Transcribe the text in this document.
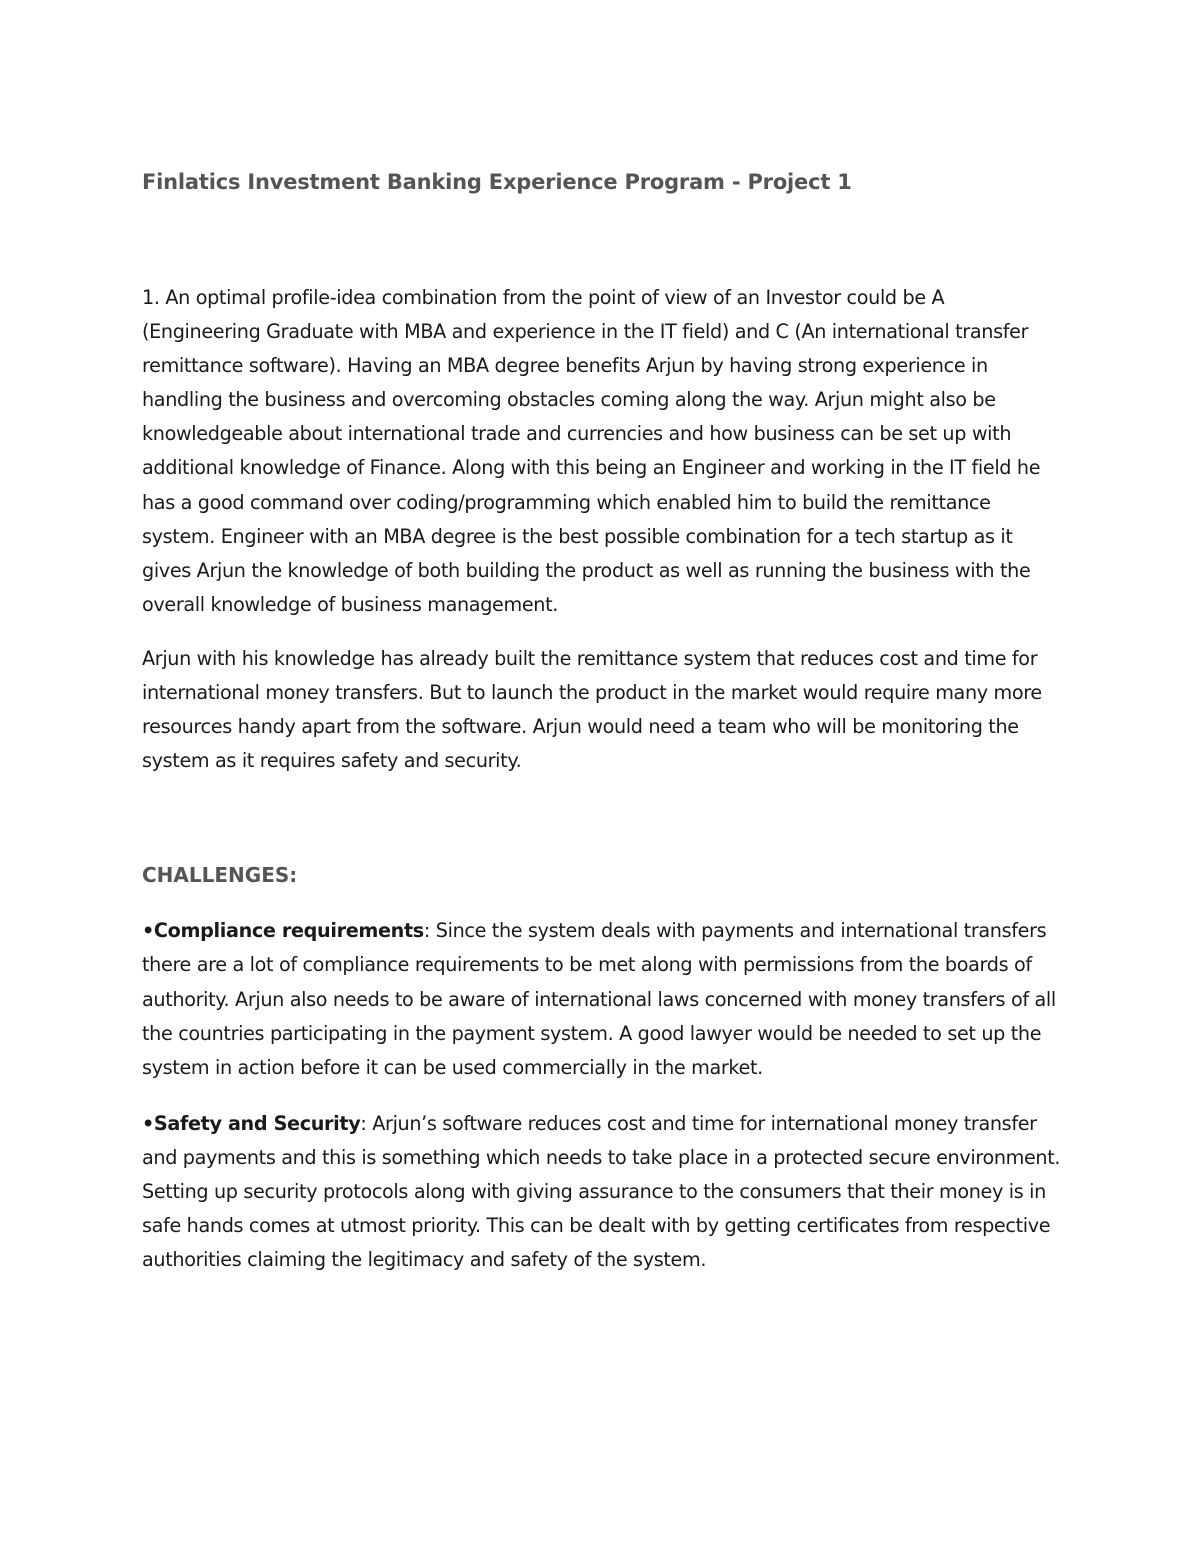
Finlatics Investment Banking Experience Program - Project 1

1. An optimal profile-idea combination from the point of view of an Investor could be A (Engineering Graduate with MBA and experience in the IT field) and C (An international transfer remittance software). Having an MBA degree benefits Arjun by having strong experience in handling the business and overcoming obstacles coming along the way. Arjun might also be knowledgeable about international trade and currencies and how business can be set up with additional knowledge of Finance. Along with this being an Engineer and working in the IT field he has a good command over coding/programming which enabled him to build the remittance system. Engineer with an MBA degree is the best possible combination for a tech startup as it gives Arjun the knowledge of both building the product as well as running the business with the overall knowledge of business management.

Arjun with his knowledge has already built the remittance system that reduces cost and time for international money transfers. But to launch the product in the market would require many more resources handy apart from the software. Arjun would need a team who will be monitoring the system as it requires safety and security.

CHALLENGES:

•Compliance requirements: Since the system deals with payments and international transfers there are a lot of compliance requirements to be met along with permissions from the boards of authority. Arjun also needs to be aware of international laws concerned with money transfers of all the countries participating in the payment system. A good lawyer would be needed to set up the system in action before it can be used commercially in the market.

•Safety and Security: Arjun’s software reduces cost and time for international money transfer and payments and this is something which needs to take place in a protected secure environment. Setting up security protocols along with giving assurance to the consumers that their money is in safe hands comes at utmost priority. This can be dealt with by getting certificates from respective authorities claiming the legitimacy and safety of the system.
